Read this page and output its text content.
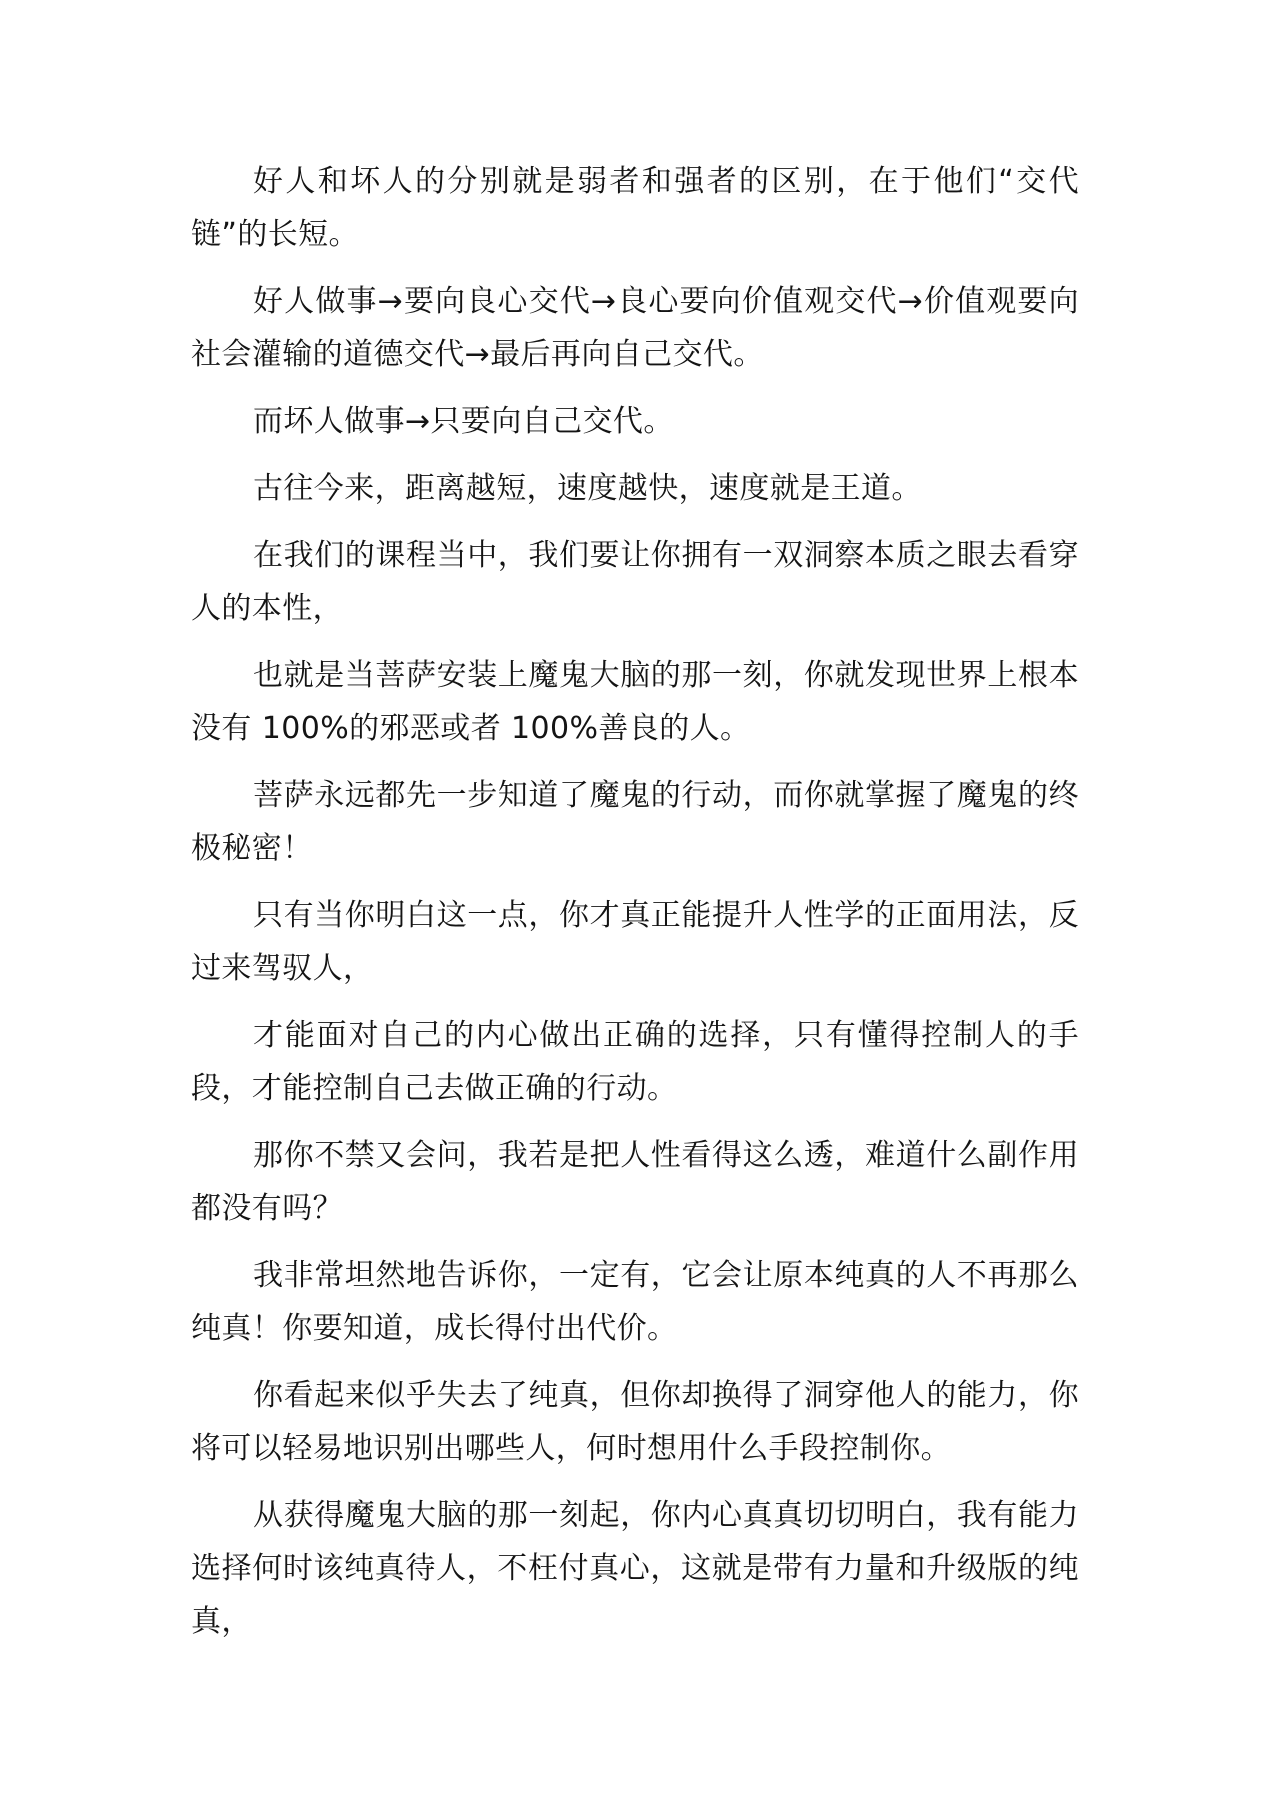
好人和坏人的分别就是弱者和强者的区别，在于他们“交代链”的长短。

好人做事→要向良心交代→良心要向价值观交代→价值观要向社会灌输的道德交代→最后再向自己交代。

而坏人做事→只要向自己交代。

古往今来，距离越短，速度越快，速度就是王道。

在我们的课程当中，我们要让你拥有一双洞察本质之眼去看穿人的本性，

也就是当菩萨安装上魔鬼大脑的那一刻，你就发现世界上根本没有 100%的邪恶或者 100%善良的人。

菩萨永远都先一步知道了魔鬼的行动，而你就掌握了魔鬼的终极秘密！

只有当你明白这一点，你才真正能提升人性学的正面用法，反过来驾驭人，

才能面对自己的内心做出正确的选择，只有懂得控制人的手段，才能控制自己去做正确的行动。

那你不禁又会问，我若是把人性看得这么透，难道什么副作用都没有吗？

我非常坦然地告诉你，一定有，它会让原本纯真的人不再那么纯真！你要知道，成长得付出代价。

你看起来似乎失去了纯真，但你却换得了洞穿他人的能力，你将可以轻易地识别出哪些人，何时想用什么手段控制你。

从获得魔鬼大脑的那一刻起，你内心真真切切明白，我有能力选择何时该纯真待人，不枉付真心，这就是带有力量和升级版的纯真，
